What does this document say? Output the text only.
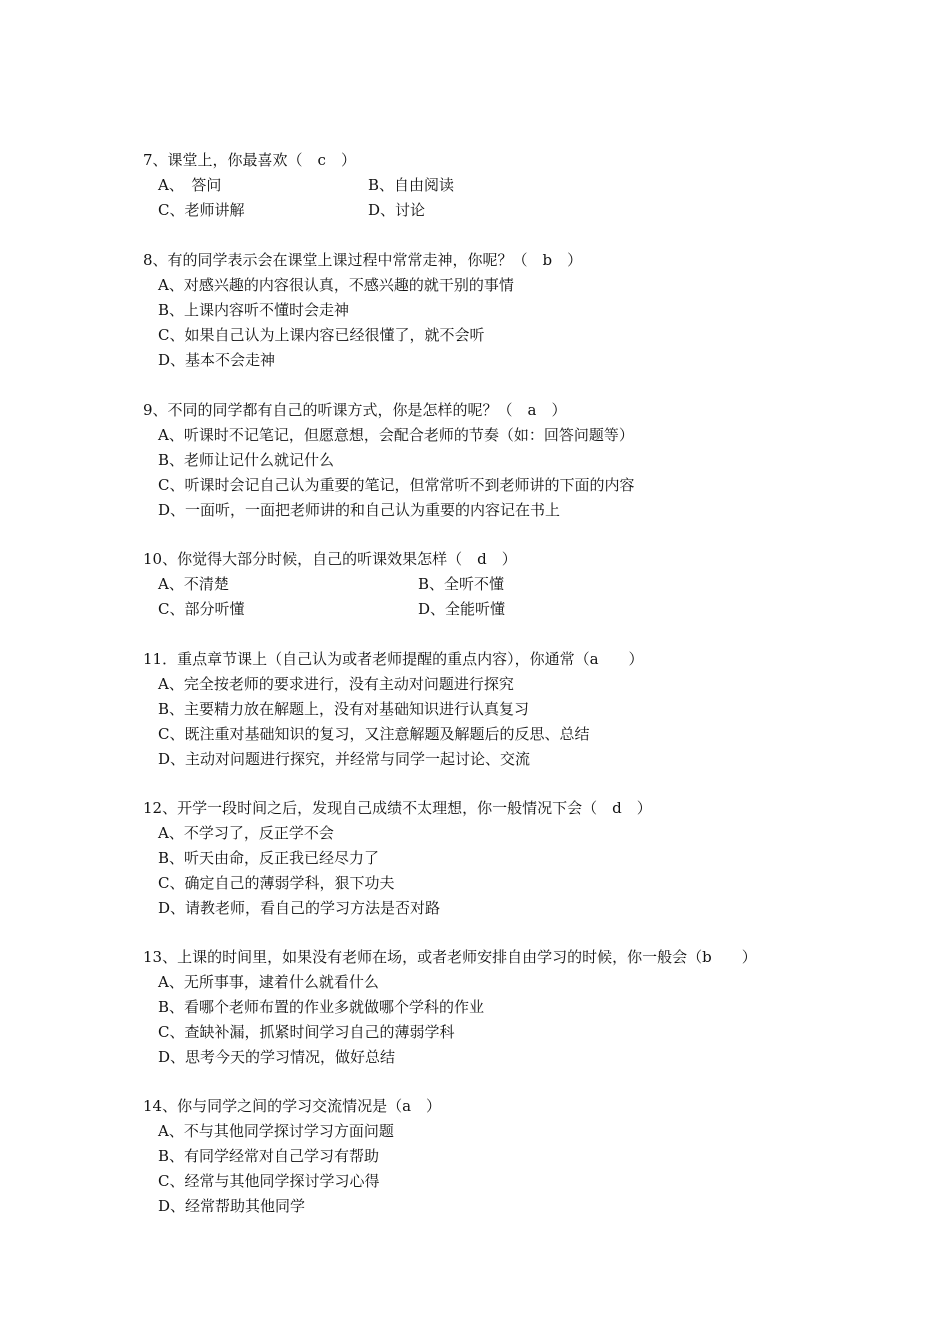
7、课堂上，你最喜欢（　c　）
A、　答问	B、自由阅读
C、老师讲解	D、讨论
8、有的同学表示会在课堂上课过程中常常走神，你呢？（　b　）
A、对感兴趣的内容很认真，不感兴趣的就干别的事情
B、上课内容听不懂时会走神
C、如果自己认为上课内容已经很懂了，就不会听
D、基本不会走神
9、不同的同学都有自己的听课方式，你是怎样的呢？（　a　）
A、听课时不记笔记，但愿意想，会配合老师的节奏（如：回答问题等）
B、老师让记什么就记什么
C、听课时会记自己认为重要的笔记，但常常听不到老师讲的下面的内容
D、一面听，一面把老师讲的和自己认为重要的内容记在书上
10、你觉得大部分时候，自己的听课效果怎样（　d　）
A、不清楚	B、全听不懂
C、部分听懂	D、全能听懂
11．重点章节课上（自己认为或者老师提醒的重点内容），你通常（a　　）
A、完全按老师的要求进行，没有主动对问题进行探究
B、主要精力放在解题上，没有对基础知识进行认真复习
C、既注重对基础知识的复习，又注意解题及解题后的反思、总结
D、主动对问题进行探究，并经常与同学一起讨论、交流
12、开学一段时间之后，发现自己成绩不太理想，你一般情况下会（　d　）
A、不学习了，反正学不会
B、听天由命，反正我已经尽力了
C、确定自己的薄弱学科，狠下功夫
D、请教老师，看自己的学习方法是否对路
13、上课的时间里，如果没有老师在场，或者老师安排自由学习的时候，你一般会（b　　）
A、无所事事，逮着什么就看什么
B、看哪个老师布置的作业多就做哪个学科的作业
C、查缺补漏，抓紧时间学习自己的薄弱学科
D、思考今天的学习情况，做好总结
14、你与同学之间的学习交流情况是（a　）
A、不与其他同学探讨学习方面问题
B、有同学经常对自己学习有帮助
C、经常与其他同学探讨学习心得
D、经常帮助其他同学
